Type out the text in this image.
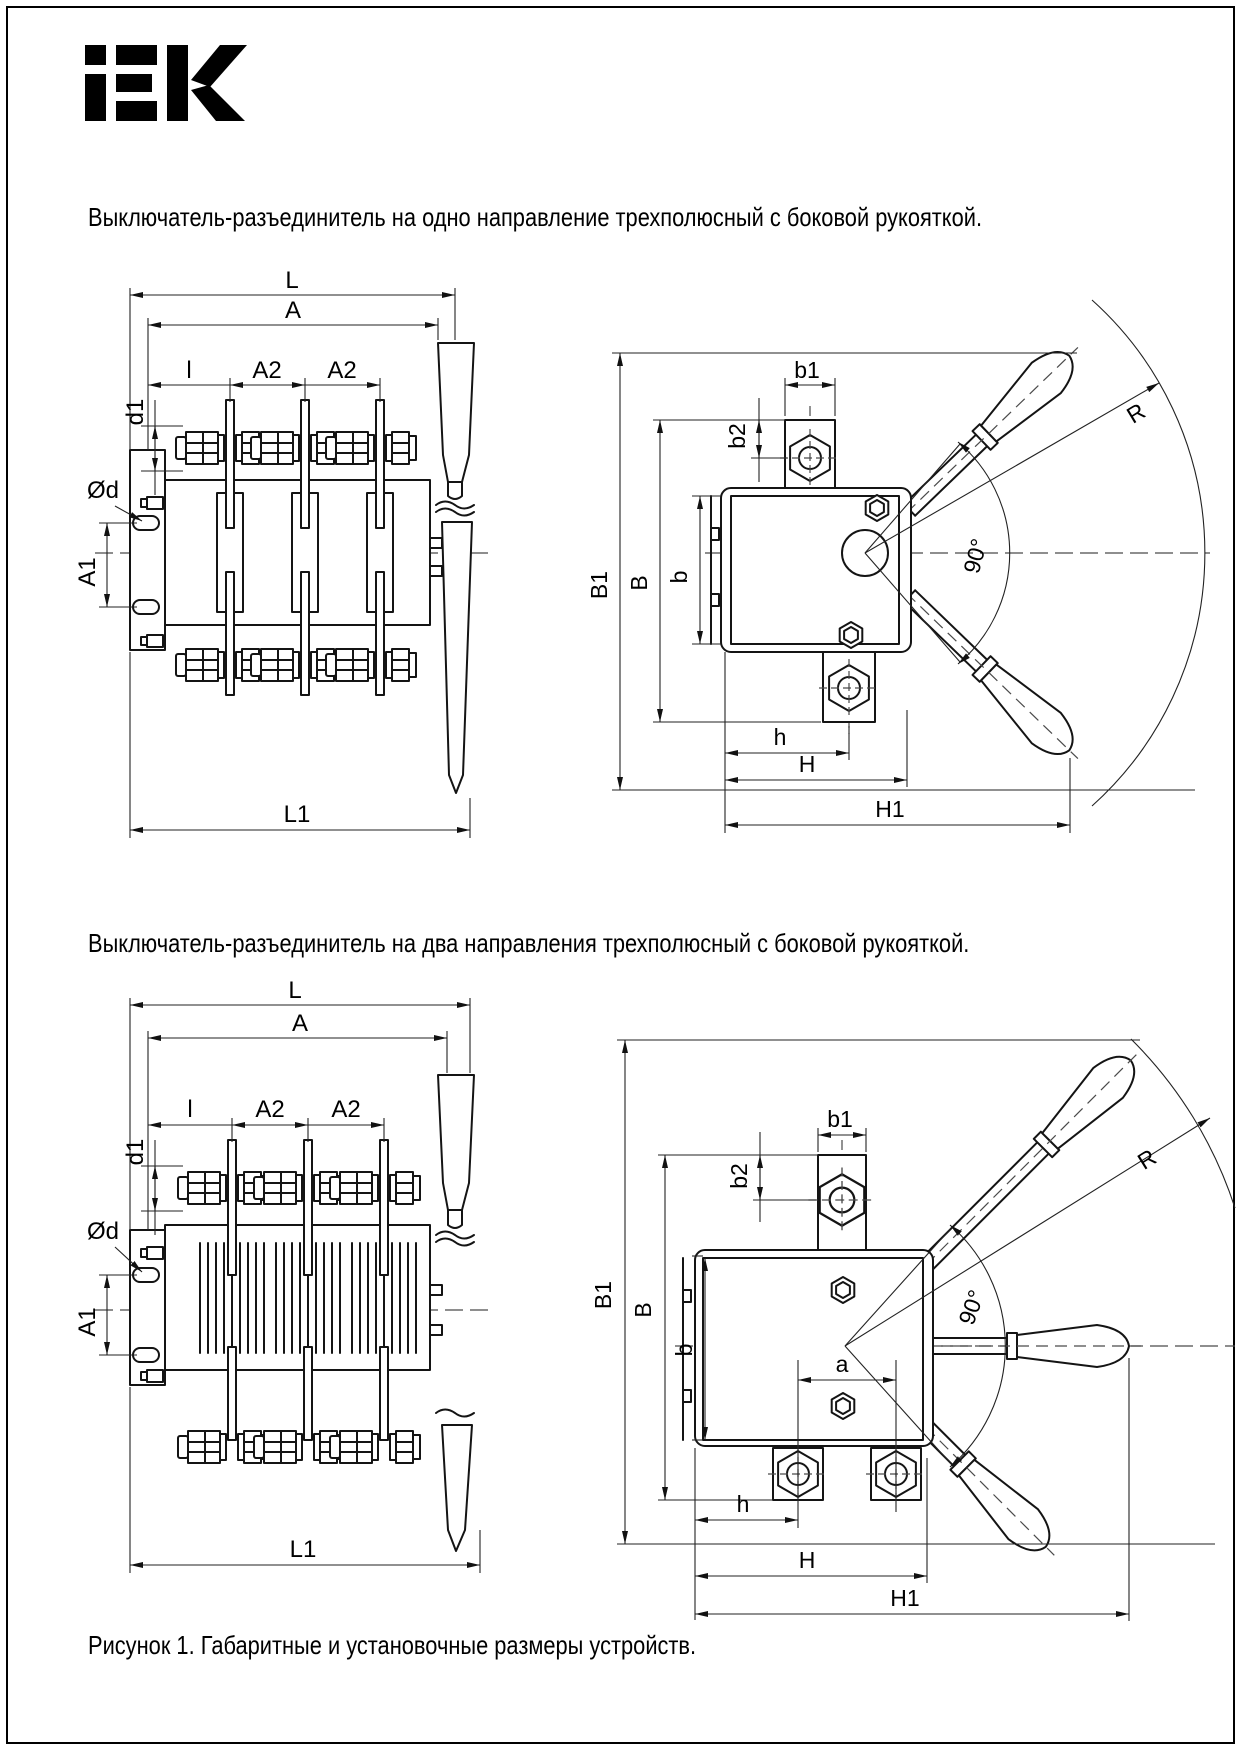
Выключатель-разъединитель на одно направление трехполюсный с боковой рукояткой.
L
A
l	A2 A2
d1
Ød
A1
L1
B1 B b
b1
b2
h
H
H1
R
90°
Выключатель-разъединитель на два направления трехполюсный с боковой рукояткой.
L
A
l	A2 A2
d1
Ød
A1
L1
B1
B
b
b1
b2
a
h
H
H1
R
90°
Рисунок 1. Габаритные и установочные размеры устройств.
